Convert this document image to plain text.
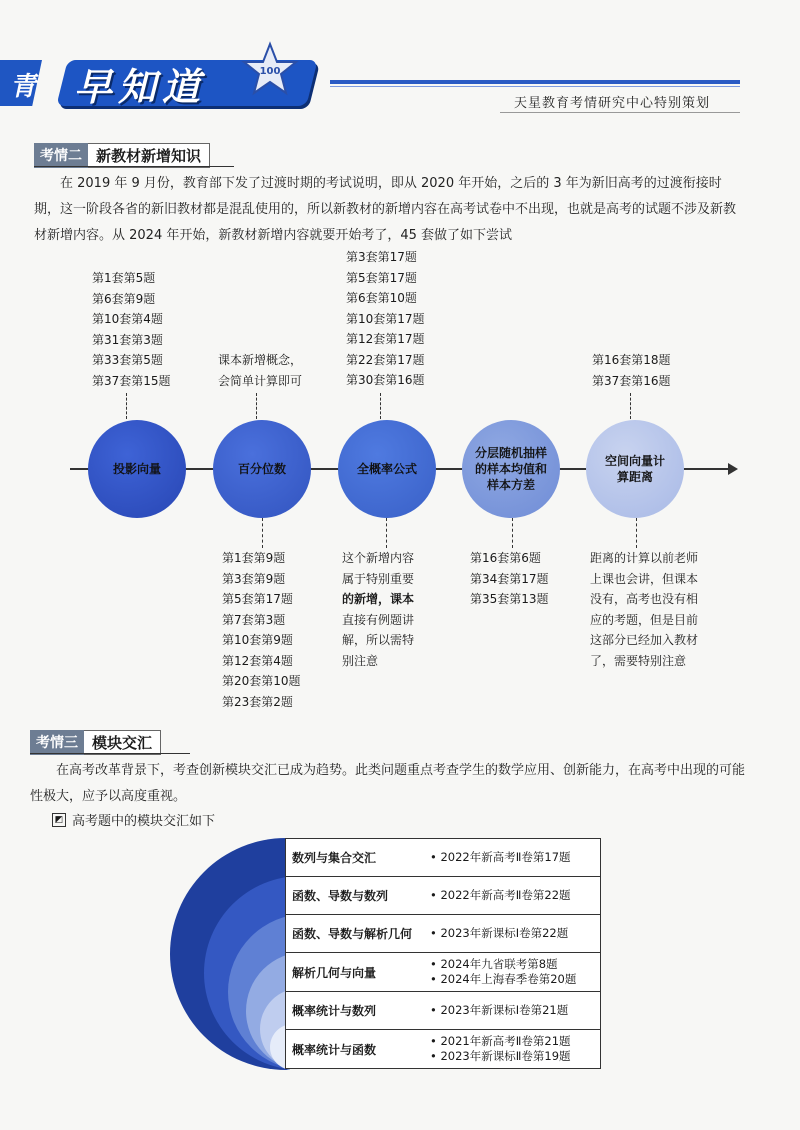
青 早知道	100
天星教育考情研究中心特别策划
考情二 新教材新增知识
在 2019 年 9 月份，教育部下发了过渡时期的考试说明，即从 2020 年开始，之后的 3 年为新旧高考的过渡衔接时期，这一阶段各省的新旧教材都是混乱使用的，所以新教材的新增内容在高考试卷中不出现，也就是高考的试题不涉及新教材新增内容。从 2024 年开始，新教材新增内容就要开始考了，45 套做了如下尝试
第1套第5题
第6套第9题
第10套第4题
第31套第3题
第33套第5题
第37套第15题
投影向量
课本新增概念，
会简单计算即可
百分位数
第1套第9题
第3套第9题
第5套第17题
第7套第3题
第10套第9题
第12套第4题
第20套第10题
第23套第2题
第3套第17题
第5套第17题
第6套第10题
第10套第17题
第12套第17题
第22套第17题
第30套第16题
全概率公式
这个新增内容
属于特别重要
的新增，课本
直接有例题讲
解，所以需特
别注意
分层随机抽样的样本均值和样本方差
第16套第6题
第34套第17题
第35套第13题
第16套第18题
第37套第16题
空间向量计算距离
距离的计算以前老师
上课也会讲，但课本
没有，高考也没有相
应的考题，但是目前
这部分已经加入教材
了，需要特别注意
考情三 模块交汇
在高考改革背景下，考查创新模块交汇已成为趋势。此类问题重点考查学生的数学应用、创新能力，在高考中出现的可能性极大，应予以高度重视。
◩ 高考题中的模块交汇如下
数列与集合交汇	• 2022年新高考Ⅱ卷第17题
函数、导数与数列	• 2022年新高考Ⅱ卷第22题
函数、导数与解析几何	• 2023年新课标Ⅰ卷第22题
解析几何与向量
• 2024年九省联考第8题
• 2024年上海春季卷第20题
概率统计与数列	• 2023年新课标Ⅰ卷第21题
概率统计与函数
• 2021年新高考Ⅱ卷第21题
• 2023年新课标Ⅱ卷第19题
